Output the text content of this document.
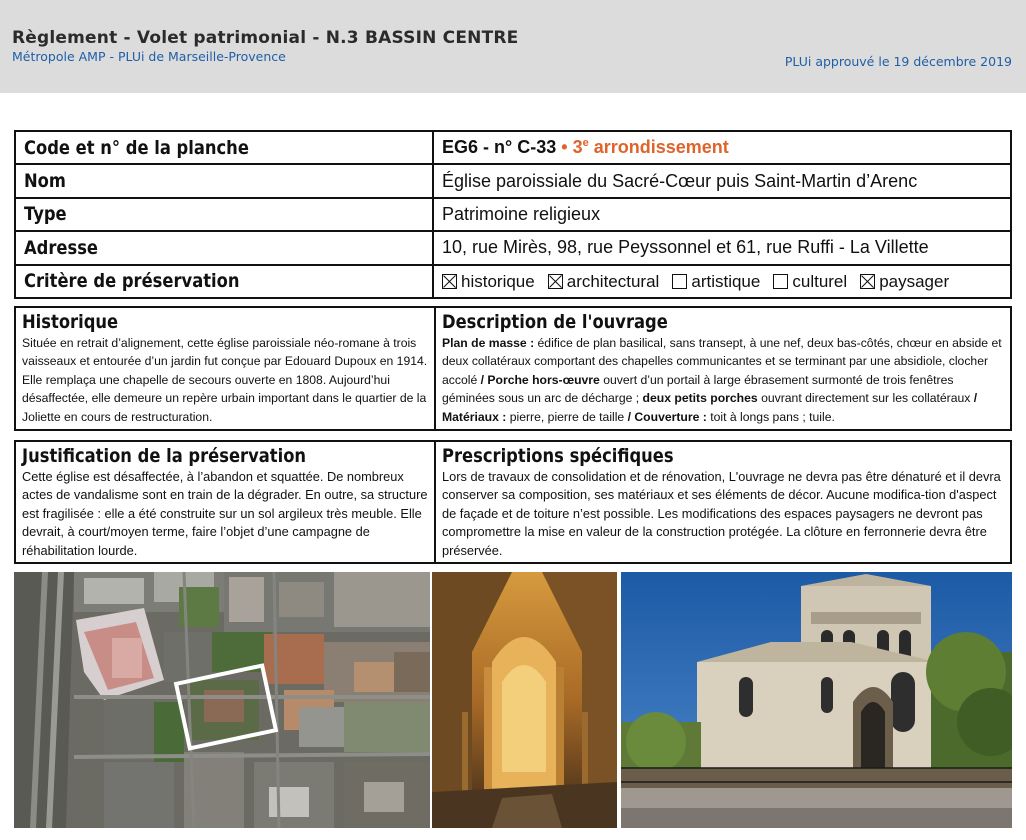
Règlement - Volet patrimonial - N.3 BASSIN CENTRE
Métropole AMP - PLUi de Marseille-Provence	PLUi approuvé le 19 décembre 2019
Code et n° de la planche	EG6 - n° C-33 • 3e arrondissement
Nom	Église paroissiale du Sacré-Cœur puis Saint-Martin d’Arenc
Type	Patrimoine religieux
Adresse	10, rue Mirès, 98, rue Peyssonnel et 61, rue Ruffi - La Villette
Critère de préservation	historique architectural artistique culturel paysager
Historique

Située en retrait d’alignement, cette église paroissiale néo-romane à trois vaisseaux et entourée d’un jardin fut conçue par Edouard Dupoux en 1914. Elle remplaça une chapelle de secours ouverte en 1808. Aujourd’hui désaffectée, elle demeure un repère urbain important dans le quartier de la Joliette en cours de restructuration.

Description de l'ouvrage

Plan de masse : édifice de plan basilical, sans transept, à une nef, deux bas-côtés, chœur en abside et deux collatéraux comportant des chapelles communicantes et se terminant par une absidiole, clocher accolé / Porche hors-œuvre ouvert d’un portail à large ébrasement surmonté de trois fenêtres géminées sous un arc de décharge ; deux petits porches ouvrant directement sur les collatéraux / Matériaux : pierre, pierre de taille / Couverture : toit à longs pans ; tuile.

Justification de la préservation

Cette église est désaffectée, à l’abandon et squattée. De nombreux actes de vandalisme sont en train de la dégrader. En outre, sa structure est fragilisée : elle a été construite sur un sol argileux très meuble. Elle devrait, à court/moyen terme, faire l’objet d’une campagne de réhabilitation lourde.

Prescriptions spécifiques

Lors de travaux de consolidation et de rénovation, L'ouvrage ne devra pas être dénaturé et il devra conserver sa composition, ses matériaux et ses éléments de décor. Aucune modifica-tion d'aspect de façade et de toiture n’est possible. Les modifications des espaces paysagers ne devront pas compromettre la mise en valeur de la construction protégée. La clôture en ferronnerie devra être préservée.
